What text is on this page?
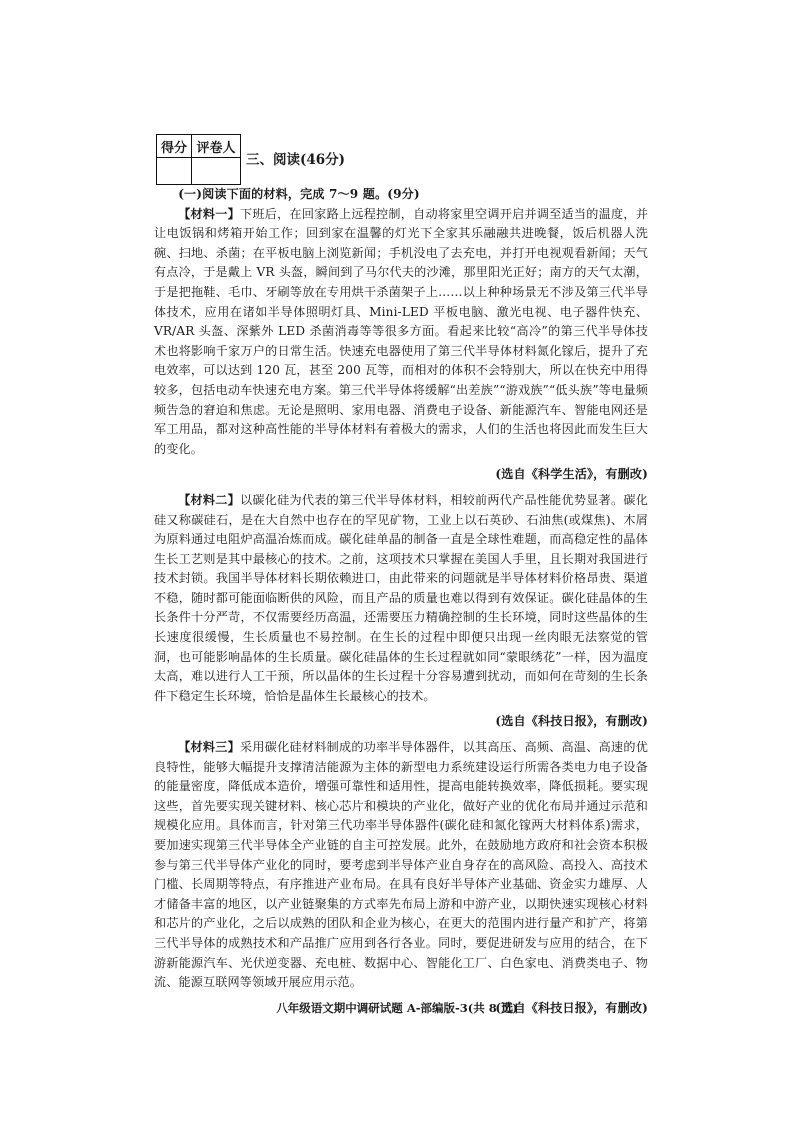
得分	评卷人

三、阅读(46分)

(一)阅读下面的材料，完成 7～9 题。(9分)

【材料一】下班后，在回家路上远程控制，自动将家里空调开启并调至适当的温度，并让电饭锅和烤箱开始工作；回到家在温馨的灯光下全家其乐融融共进晚餐，饭后机器人洗碗、扫地、杀菌；在平板电脑上浏览新闻；手机没电了去充电，并打开电视观看新闻；天气有点冷，于是戴上 VR 头盔，瞬间到了马尔代夫的沙滩，那里阳光正好；南方的天气太潮，于是把拖鞋、毛巾、牙刷等放在专用烘干杀菌架子上……以上种种场景无不涉及第三代半导体技术，应用在诸如半导体照明灯具、Mini-LED 平板电脑、激光电视、电子器件快充、VR/AR 头盔、深紫外 LED 杀菌消毒等等很多方面。看起来比较“高冷”的第三代半导体技术也将影响千家万户的日常生活。快速充电器使用了第三代半导体材料氮化镓后，提升了充电效率，可以达到 120 瓦，甚至 200 瓦等，而相对的体积不会特别大，所以在快充中用得较多，包括电动车快速充电方案。第三代半导体将缓解“出差族”“游戏族”“低头族”等电量频频告急的窘迫和焦虑。无论是照明、家用电器、消费电子设备、新能源汽车、智能电网还是军工用品，都对这种高性能的半导体材料有着极大的需求，人们的生活也将因此而发生巨大的变化。

(选自《科学生活》，有删改)

【材料二】以碳化硅为代表的第三代半导体材料，相较前两代产品性能优势显著。碳化硅又称碳硅石，是在大自然中也存在的罕见矿物，工业上以石英砂、石油焦(或煤焦)、木屑为原料通过电阻炉高温冶炼而成。碳化硅单晶的制备一直是全球性难题，而高稳定性的晶体生长工艺则是其中最核心的技术。之前，这项技术只掌握在美国人手里，且长期对我国进行技术封锁。我国半导体材料长期依赖进口，由此带来的问题就是半导体材料价格昂贵、渠道不稳，随时都可能面临断供的风险，而且产品的质量也难以得到有效保证。碳化硅晶体的生长条件十分严苛，不仅需要经历高温，还需要压力精确控制的生长环境，同时这些晶体的生长速度很缓慢，生长质量也不易控制。在生长的过程中即便只出现一丝肉眼无法察觉的管洞，也可能影响晶体的生长质量。碳化硅晶体的生长过程就如同“蒙眼绣花”一样，因为温度太高，难以进行人工干预，所以晶体的生长过程十分容易遭到扰动，而如何在苛刻的生长条件下稳定生长环境，恰恰是晶体生长最核心的技术。

(选自《科技日报》，有删改)

【材料三】采用碳化硅材料制成的功率半导体器件，以其高压、高频、高温、高速的优良特性，能够大幅提升支撑清洁能源为主体的新型电力系统建设运行所需各类电力电子设备的能量密度，降低成本造价，增强可靠性和适用性，提高电能转换效率，降低损耗。要实现这些，首先要实现关键材料、核心芯片和模块的产业化，做好产业的优化布局并通过示范和规模化应用。具体而言，针对第三代功率半导体器件(碳化硅和氮化镓两大材料体系)需求，要加速实现第三代半导体全产业链的自主可控发展。此外，在鼓励地方政府和社会资本积极参与第三代半导体产业化的同时，要考虑到半导体产业自身存在的高风险、高投入、高技术门槛、长周期等特点，有序推进产业布局。在具有良好半导体产业基础、资金实力雄厚、人才储备丰富的地区，以产业链聚集的方式率先布局上游和中游产业，以期快速实现核心材料和芯片的产业化，之后以成熟的团队和企业为核心，在更大的范围内进行量产和扩产，将第三代半导体的成熟技术和产品推广应用到各行各业。同时，要促进研发与应用的结合，在下游新能源汽车、光伏逆变器、充电桩、数据中心、智能化工厂、白色家电、消费类电子、物流、能源互联网等领域开展应用示范。

(选自《科技日报》，有删改)

八年级语文期中调研试题 A-部编版-3(共 8 页)
